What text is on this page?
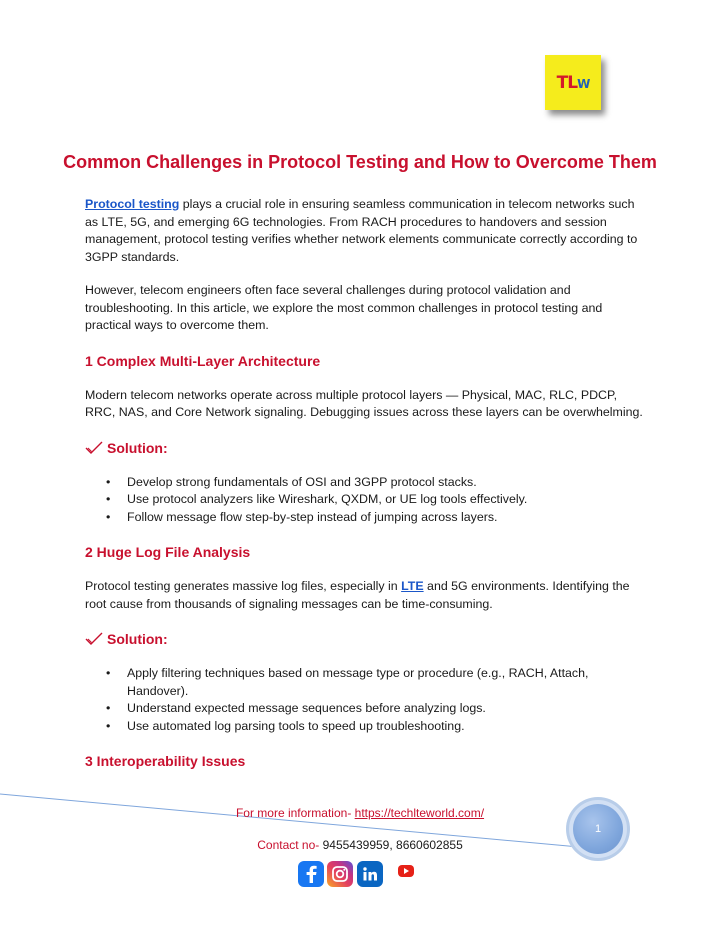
TLW
Common Challenges in Protocol Testing and How to Overcome Them

Protocol testing plays a crucial role in ensuring seamless communication in telecom networks such as LTE, 5G, and emerging 6G technologies. From RACH procedures to handovers and session management, protocol testing verifies whether network elements communicate correctly according to 3GPP standards.

However, telecom engineers often face several challenges during protocol validation and troubleshooting. In this article, we explore the most common challenges in protocol testing and practical ways to overcome them.

1 Complex Multi-Layer Architecture

Modern telecom networks operate across multiple protocol layers — Physical, MAC, RLC, PDCP, RRC, NAS, and Core Network signaling. Debugging issues across these layers can be overwhelming.

Solution:
• Develop strong fundamentals of OSI and 3GPP protocol stacks.
• Use protocol analyzers like Wireshark, QXDM, or UE log tools effectively.
• Follow message flow step-by-step instead of jumping across layers.
2 Huge Log File Analysis

Protocol testing generates massive log files, especially in LTE and 5G environments. Identifying the root cause from thousands of signaling messages can be time-consuming.

Solution:
• Apply filtering techniques based on message type or procedure (e.g., RACH, Attach, Handover).
• Understand expected message sequences before analyzing logs.
• Use automated log parsing tools to speed up troubleshooting.
3 Interoperability Issues
For more information- https://techlteworld.com/
1
Contact no- 9455439959, 8660602855
